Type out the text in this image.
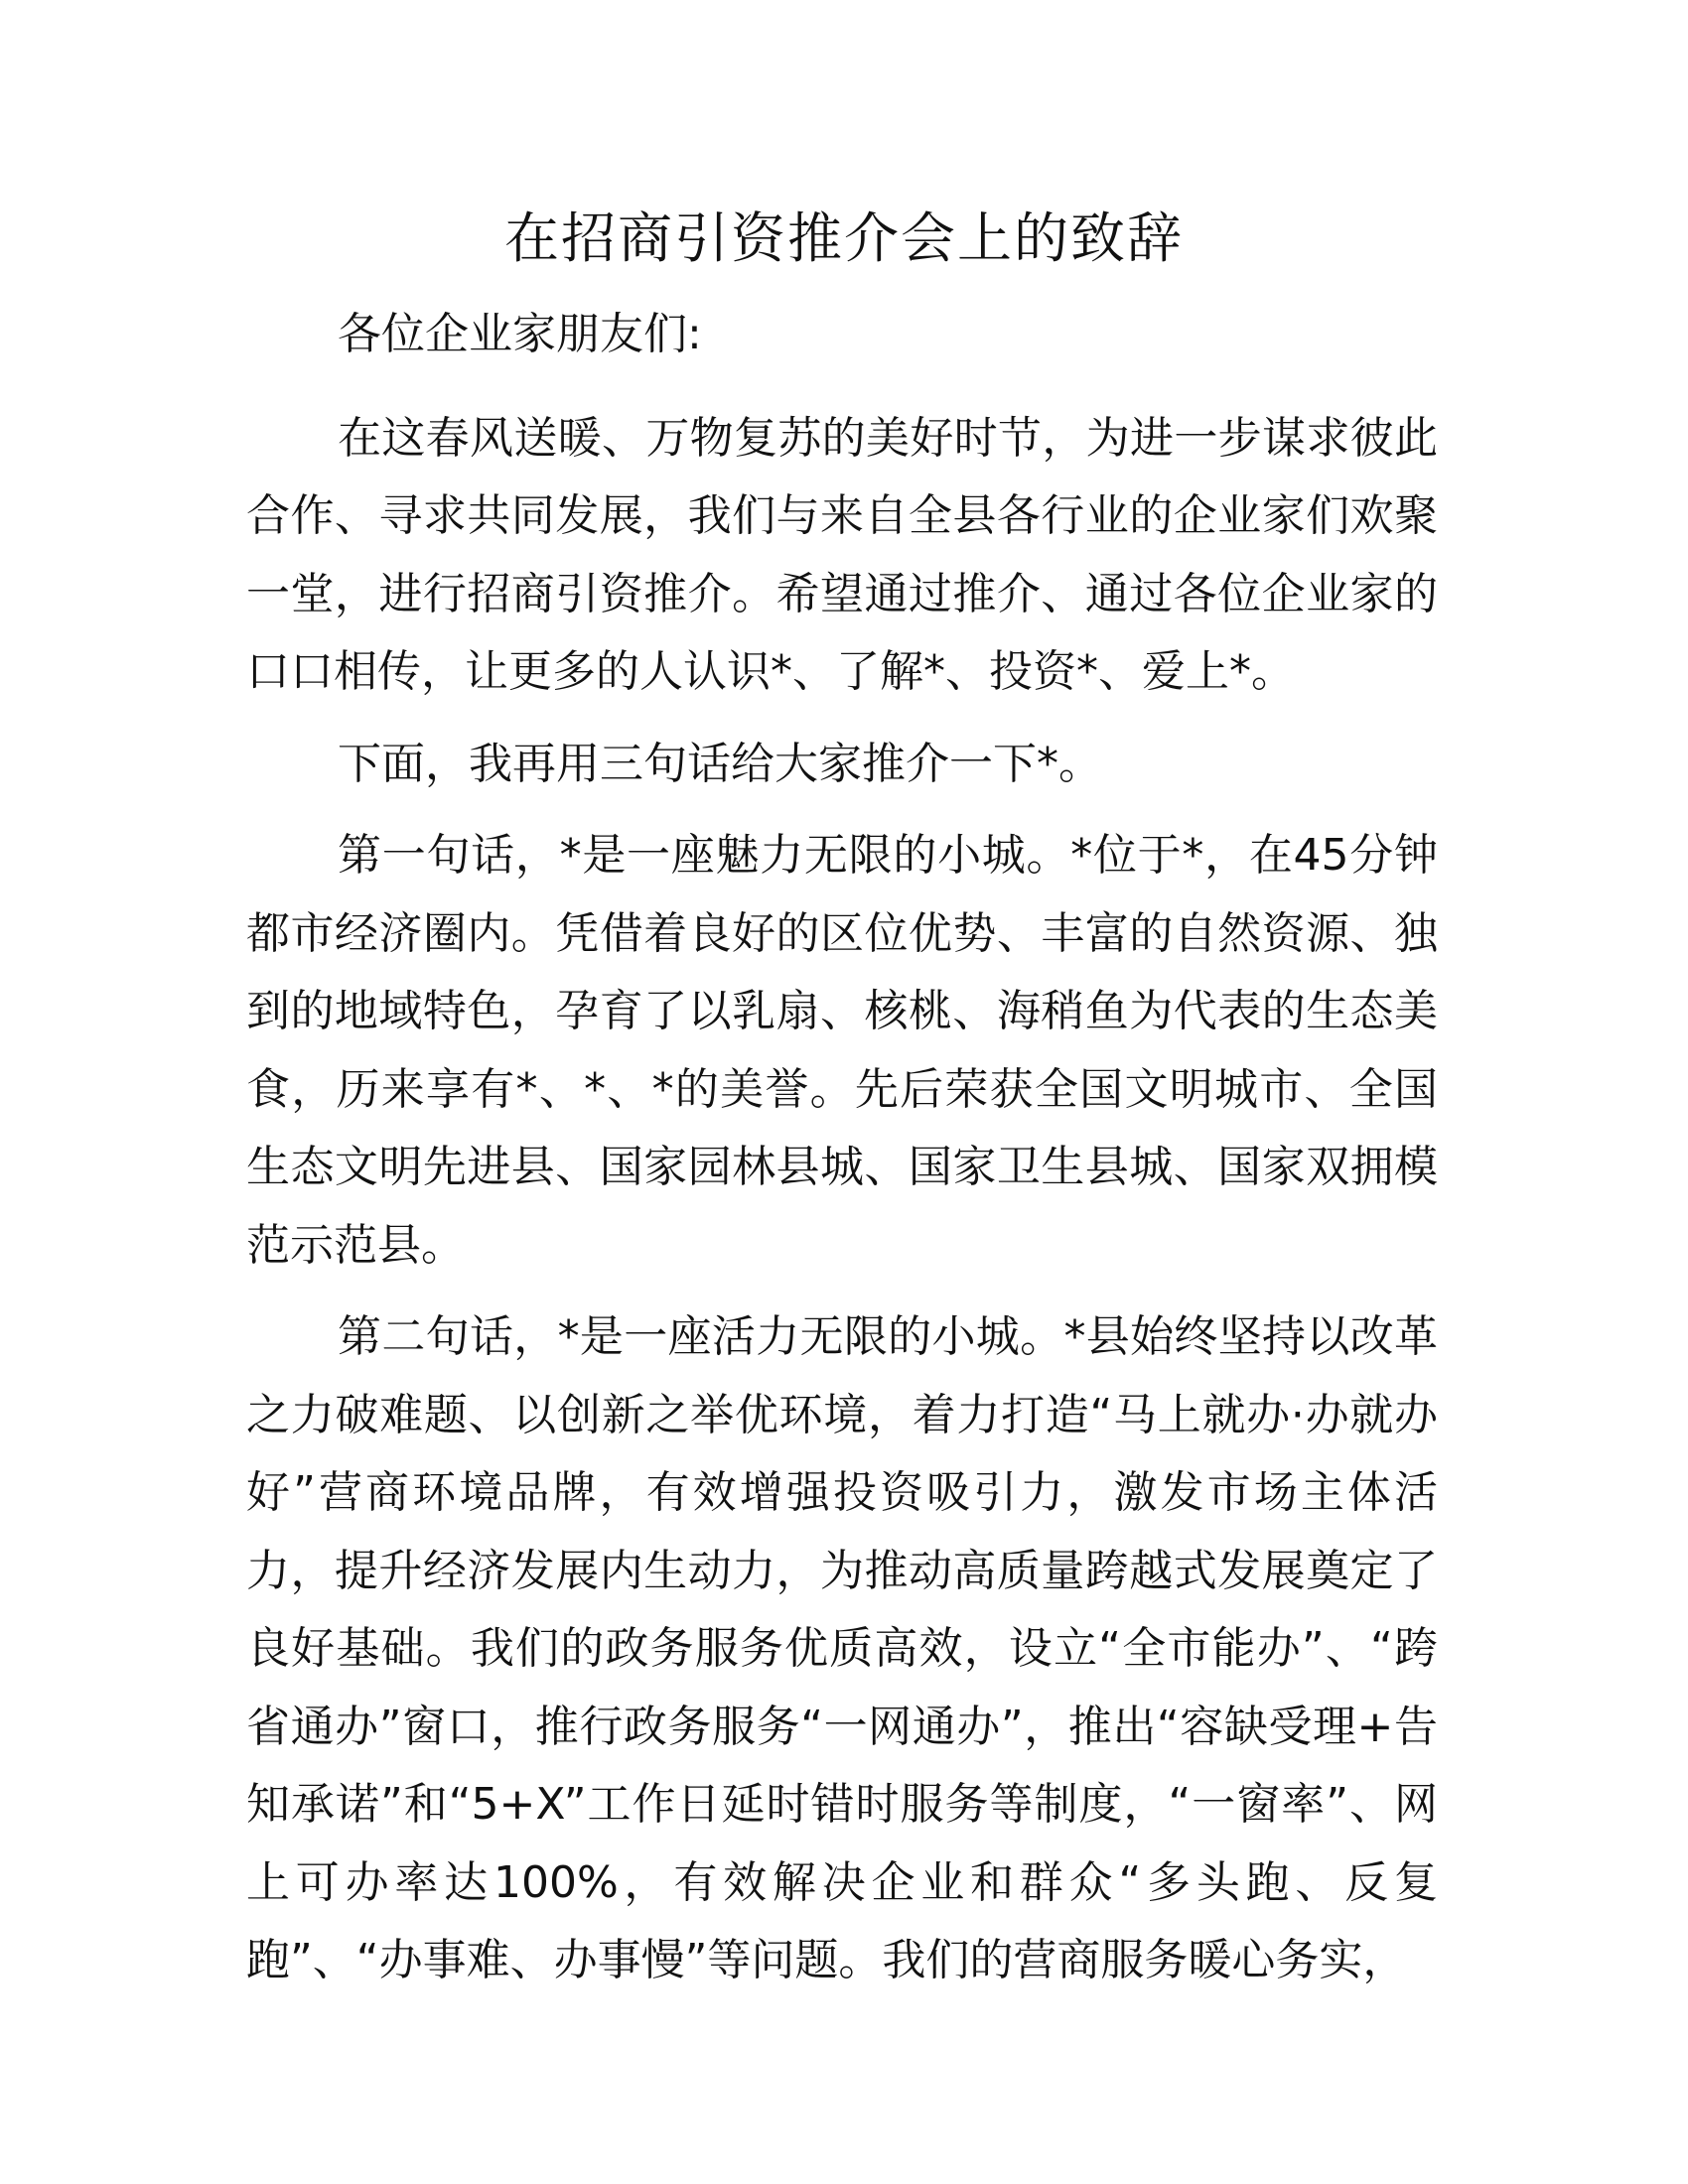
在招商引资推介会上的致辞

各位企业家朋友们:

在这春风送暖、万物复苏的美好时节，为进一步谋求彼此合作、寻求共同发展，我们与来自全县各行业的企业家们欢聚一堂，进行招商引资推介。希望通过推介、通过各位企业家的口口相传，让更多的人认识*、了解*、投资*、爱上*。

下面，我再用三句话给大家推介一下*。

第一句话，*是一座魅力无限的小城。*位于*，在45分钟都市经济圈内。凭借着良好的区位优势、丰富的自然资源、独到的地域特色，孕育了以乳扇、核桃、海稍鱼为代表的生态美食，历来享有*、*、*的美誉。先后荣获全国文明城市、全国生态文明先进县、国家园林县城、国家卫生县城、国家双拥模范示范县。

第二句话，*是一座活力无限的小城。*县始终坚持以改革之力破难题、以创新之举优环境，着力打造“马上就办·办就办好”营商环境品牌，有效增强投资吸引力，激发市场主体活力，提升经济发展内生动力，为推动高质量跨越式发展奠定了良好基础。我们的政务服务优质高效，设立“全市能办”、“跨省通办”窗口，推行政务服务“一网通办”，推出“容缺受理+告知承诺”和“5+X”工作日延时错时服务等制度，“一窗率”、网上可办率达100%，有效解决企业和群众“多头跑、反复跑”、“办事难、办事慢”等问题。我们的营商服务暖心务实，
